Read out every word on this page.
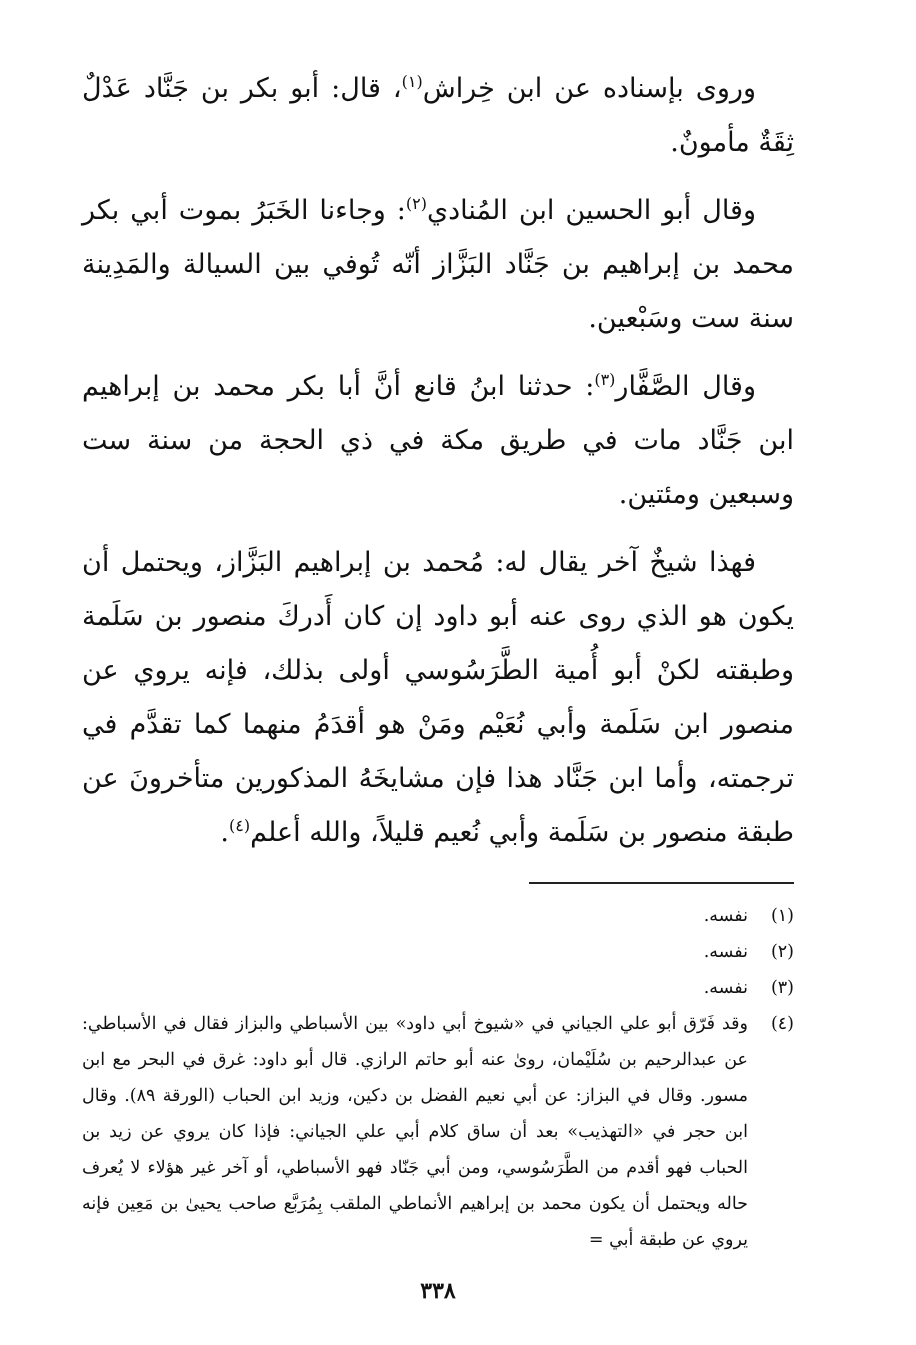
وروى بإسناده عن ابن خِراش$^{(١)}$، قال: أبو بكر بن جَنَّاد عَدْلٌ ثِقَةٌ مأمونٌ.

وقال أبو الحسين ابن المُنادي$^{(٢)}$: وجاءنا الخَبَرُ بموت أبي بكر محمد بن إبراهيم بن جَنَّاد البَزَّاز أنّه تُوفي بين السيالة والمَدِينة سنة ست وسَبْعين.

وقال الصَّفَّار$^{(٣)}$: حدثنا ابنُ قانع أنَّ أبا بكر محمد بن إبراهيم ابن جَنَّاد مات في طريق مكة في ذي الحجة من سنة ست وسبعين ومئتين.

فهذا شيخٌ آخر يقال له: مُحمد بن إبراهيم البَزَّاز، ويحتمل أن يكون هو الذي روى عنه أبو داود إن كان أَدركَ منصور بن سَلَمة وطبقته لكنْ أبو أُمية الطَّرَسُوسي أولى بذلك، فإنه يروي عن منصور ابن سَلَمة وأبي نُعَيْم ومَنْ هو أقدَمُ منهما كما تقدَّم في ترجمته، وأما ابن جَنَّاد هذا فإن مشايخَهُ المذكورين متأخرونَ عن طبقة منصور بن سَلَمة وأبي نُعيم قليلاً، والله أعلم$^{(٤)}$.

(١)
نفسه.
(٢)
نفسه.
(٣)
نفسه.
(٤)
وقد فَرّق أبو علي الجياني في «شيوخ أبي داود» بين الأسباطي والبزاز فقال في الأسباطي: عن عبدالرحيم بن سُلَيْمان، روىٰ عنه أبو حاتم الرازي. قال أبو داود: غرق في البحر مع ابن مسور. وقال في البزاز: عن أبي نعيم الفضل بن دكين، وزيد ابن الحباب (الورقة ٨٩). وقال ابن حجر في «التهذيب» بعد أن ساق كلام أبي علي الجياني: فإذا كان يروي عن زيد بن الحباب فهو أقدم من الطَّرَسُوسي، ومن أبي جَنّاد فهو الأسباطي، أو آخر غير هؤلاء لا يُعرف حاله ويحتمل أن يكون محمد بن إبراهيم الأنماطي الملقب بِمُرَبَّع صاحب يحيىٰ بن مَعِين فإنه يروي عن طبقة أبي =
٣٣٨
